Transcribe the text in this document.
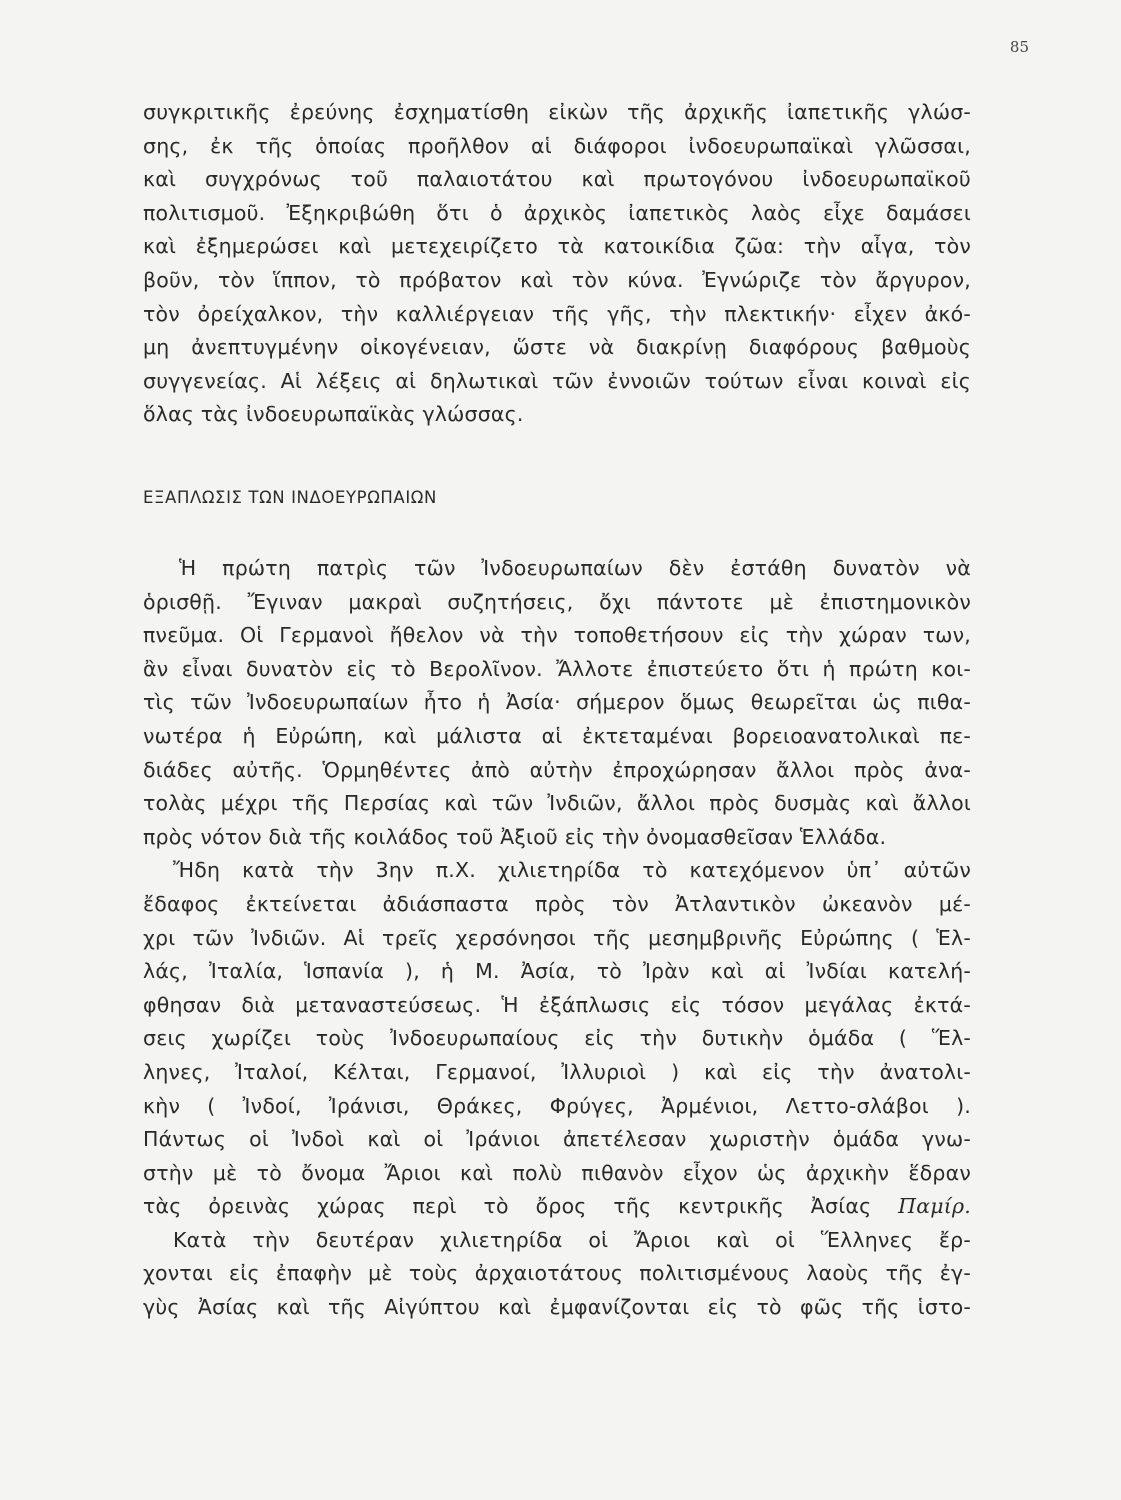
85
συγκριτικῆς ἐρεύνης ἐσχηματίσθη εἰκὼν τῆς ἀρχικῆς ἰαπετικῆς γλώσ-
σης, ἐκ τῆς ὁποίας προῆλθον αἱ διάφοροι ἰνδοευρωπαϊκαὶ γλῶσσαι,
καὶ συγχρόνως τοῦ παλαιοτάτου καὶ πρωτογόνου ἰνδοευρωπαϊκοῦ
πολιτισμοῦ. Ἐξηκριβώθη ὅτι ὁ ἀρχικὸς ἰαπετικὸς λαὸς εἶχε δαμάσει
καὶ ἐξημερώσει καὶ μετεχειρίζετο τὰ κατοικίδια ζῶα: τὴν αἶγα, τὸν
βοῦν, τὸν ἵππον, τὸ πρόβατον καὶ τὸν κύνα. Ἐγνώριζε τὸν ἄργυρον,
τὸν ὀρείχαλκον, τὴν καλλιέργειαν τῆς γῆς, τὴν πλεκτικήν· εἶχεν ἀκό-
μη ἀνεπτυγμένην οἰκογένειαν, ὥστε νὰ διακρίνῃ διαφόρους βαθμοὺς
συγγενείας. Αἱ λέξεις αἱ δηλωτικαὶ τῶν ἐννοιῶν τούτων εἶναι κοιναὶ εἰς
ὅλας τὰς ἰνδοευρωπαϊκὰς γλώσσας.
ΕΞΑΠΛΩΣΙΣ ΤΩΝ ΙΝΔΟΕΥΡΩΠΑΙΩΝ
Ἡ πρώτη πατρὶς τῶν Ἰνδοευρωπαίων δὲν ἐστάθη δυνατὸν νὰ
ὁρισθῇ. Ἔγιναν μακραὶ συζητήσεις, ὄχι πάντοτε μὲ ἐπιστημονικὸν
πνεῦμα. Οἱ Γερμανοὶ ἤθελον νὰ τὴν τοποθετήσουν εἰς τὴν χώραν των,
ἂν εἶναι δυνατὸν εἰς τὸ Βερολῖνον. Ἄλλοτε ἐπιστεύετο ὅτι ἡ πρώτη κοι-
τὶς τῶν Ἰνδοευρωπαίων ἦτο ἡ Ἀσία· σήμερον ὅμως θεωρεῖται ὡς πιθα-
νωτέρα ἡ Εὐρώπη, καὶ μάλιστα αἱ ἐκτεταμέναι βορειοανατολικαὶ πε-
διάδες αὐτῆς. Ὁρμηθέντες ἀπὸ αὐτὴν ἐπροχώρησαν ἄλλοι πρὸς ἀνα-
τολὰς μέχρι τῆς Περσίας καὶ τῶν Ἰνδιῶν, ἄλλοι πρὸς δυσμὰς καὶ ἄλλοι
πρὸς νότον διὰ τῆς κοιλάδος τοῦ Ἀξιοῦ εἰς τὴν ὀνομασθεῖσαν Ἑλλάδα.
Ἤδη κατὰ τὴν 3ην π.Χ. χιλιετηρίδα τὸ κατεχόμενον ὑπ᾽ αὐτῶν
ἔδαφος ἐκτείνεται ἀδιάσπαστα πρὸς τὸν Ἀτλαντικὸν ὠκεανὸν μέ-
χρι τῶν Ἰνδιῶν. Αἱ τρεῖς χερσόνησοι τῆς μεσημβρινῆς Εὐρώπης ( Ἑλ-
λάς, Ἰταλία, Ἱσπανία ), ἡ Μ. Ἀσία, τὸ Ἰρὰν καὶ αἱ Ἰνδίαι κατελή-
φθησαν διὰ μεταναστεύσεως. Ἡ ἐξάπλωσις εἰς τόσον μεγάλας ἐκτά-
σεις χωρίζει τοὺς Ἰνδοευρωπαίους εἰς τὴν δυτικὴν ὁμάδα ( Ἕλ-
ληνες, Ἰταλοί, Κέλται, Γερμανοί, Ἰλλυριοὶ ) καὶ εἰς τὴν ἀνατολι-
κὴν ( Ἰνδοί, Ἰράνισι, Θράκες, Φρύγες, Ἀρμένιοι, Λεττο-σλάβοι ).
Πάντως οἱ Ἰνδοὶ καὶ οἱ Ἰράνιοι ἀπετέλεσαν χωριστὴν ὁμάδα γνω-
στὴν μὲ τὸ ὄνομα Ἄριοι καὶ πολὺ πιθανὸν εἶχον ὡς ἀρχικὴν ἕδραν
τὰς ὀρεινὰς χώρας περὶ τὸ ὄρος τῆς κεντρικῆς Ἀσίας Παμίρ.
Κατὰ τὴν δευτέραν χιλιετηρίδα οἱ Ἄριοι καὶ οἱ Ἕλληνες ἔρ-
χονται εἰς ἐπαφὴν μὲ τοὺς ἀρχαιοτάτους πολιτισμένους λαοὺς τῆς ἐγ-
γὺς Ἀσίας καὶ τῆς Αἰγύπτου καὶ ἐμφανίζονται εἰς τὸ φῶς τῆς ἱστο-
